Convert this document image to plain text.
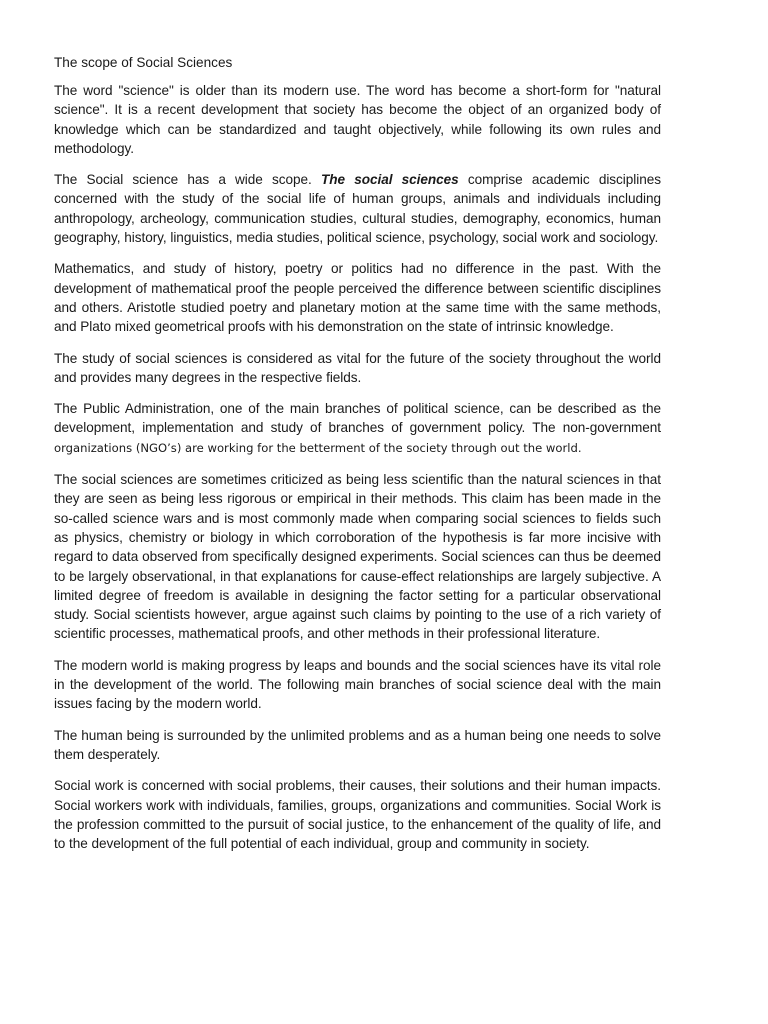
The scope of Social Sciences

The word "science" is older than its modern use. The word has become a short-form for "natural science". It is a recent development that society has become the object of an organized body of knowledge which can be standardized and taught objectively, while following its own rules and methodology.

The Social science has a wide scope. The social sciences comprise academic disciplines concerned with the study of the social life of human groups, animals and individuals including anthropology, archeology, communication studies, cultural studies, demography, economics, human geography, history, linguistics, media studies, political science, psychology, social work and sociology.

Mathematics, and study of history, poetry or politics had no difference in the past. With the development of mathematical proof the people perceived the difference between scientific disciplines and others. Aristotle studied poetry and planetary motion at the same time with the same methods, and Plato mixed geometrical proofs with his demonstration on the state of intrinsic knowledge.

The study of social sciences is considered as vital for the future of the society throughout the world and provides many degrees in the respective fields.

The Public Administration, one of the main branches of political science, can be described as the development, implementation and study of branches of government policy. The non-government organizations (NGO’s) are working for the betterment of the society through out the world.

The social sciences are sometimes criticized as being less scientific than the natural sciences in that they are seen as being less rigorous or empirical in their methods. This claim has been made in the so-called science wars and is most commonly made when comparing social sciences to fields such as physics, chemistry or biology in which corroboration of the hypothesis is far more incisive with regard to data observed from specifically designed experiments. Social sciences can thus be deemed to be largely observational, in that explanations for cause-effect relationships are largely subjective. A limited degree of freedom is available in designing the factor setting for a particular observational study. Social scientists however, argue against such claims by pointing to the use of a rich variety of scientific processes, mathematical proofs, and other methods in their professional literature.

The modern world is making progress by leaps and bounds and the social sciences have its vital role in the development of the world. The following main branches of social science deal with the main issues facing by the modern world.

The human being is surrounded by the unlimited problems and as a human being one needs to solve them desperately.

Social work is concerned with social problems, their causes, their solutions and their human impacts. Social workers work with individuals, families, groups, organizations and communities. Social Work is the profession committed to the pursuit of social justice, to the enhancement of the quality of life, and to the development of the full potential of each individual, group and community in society.
